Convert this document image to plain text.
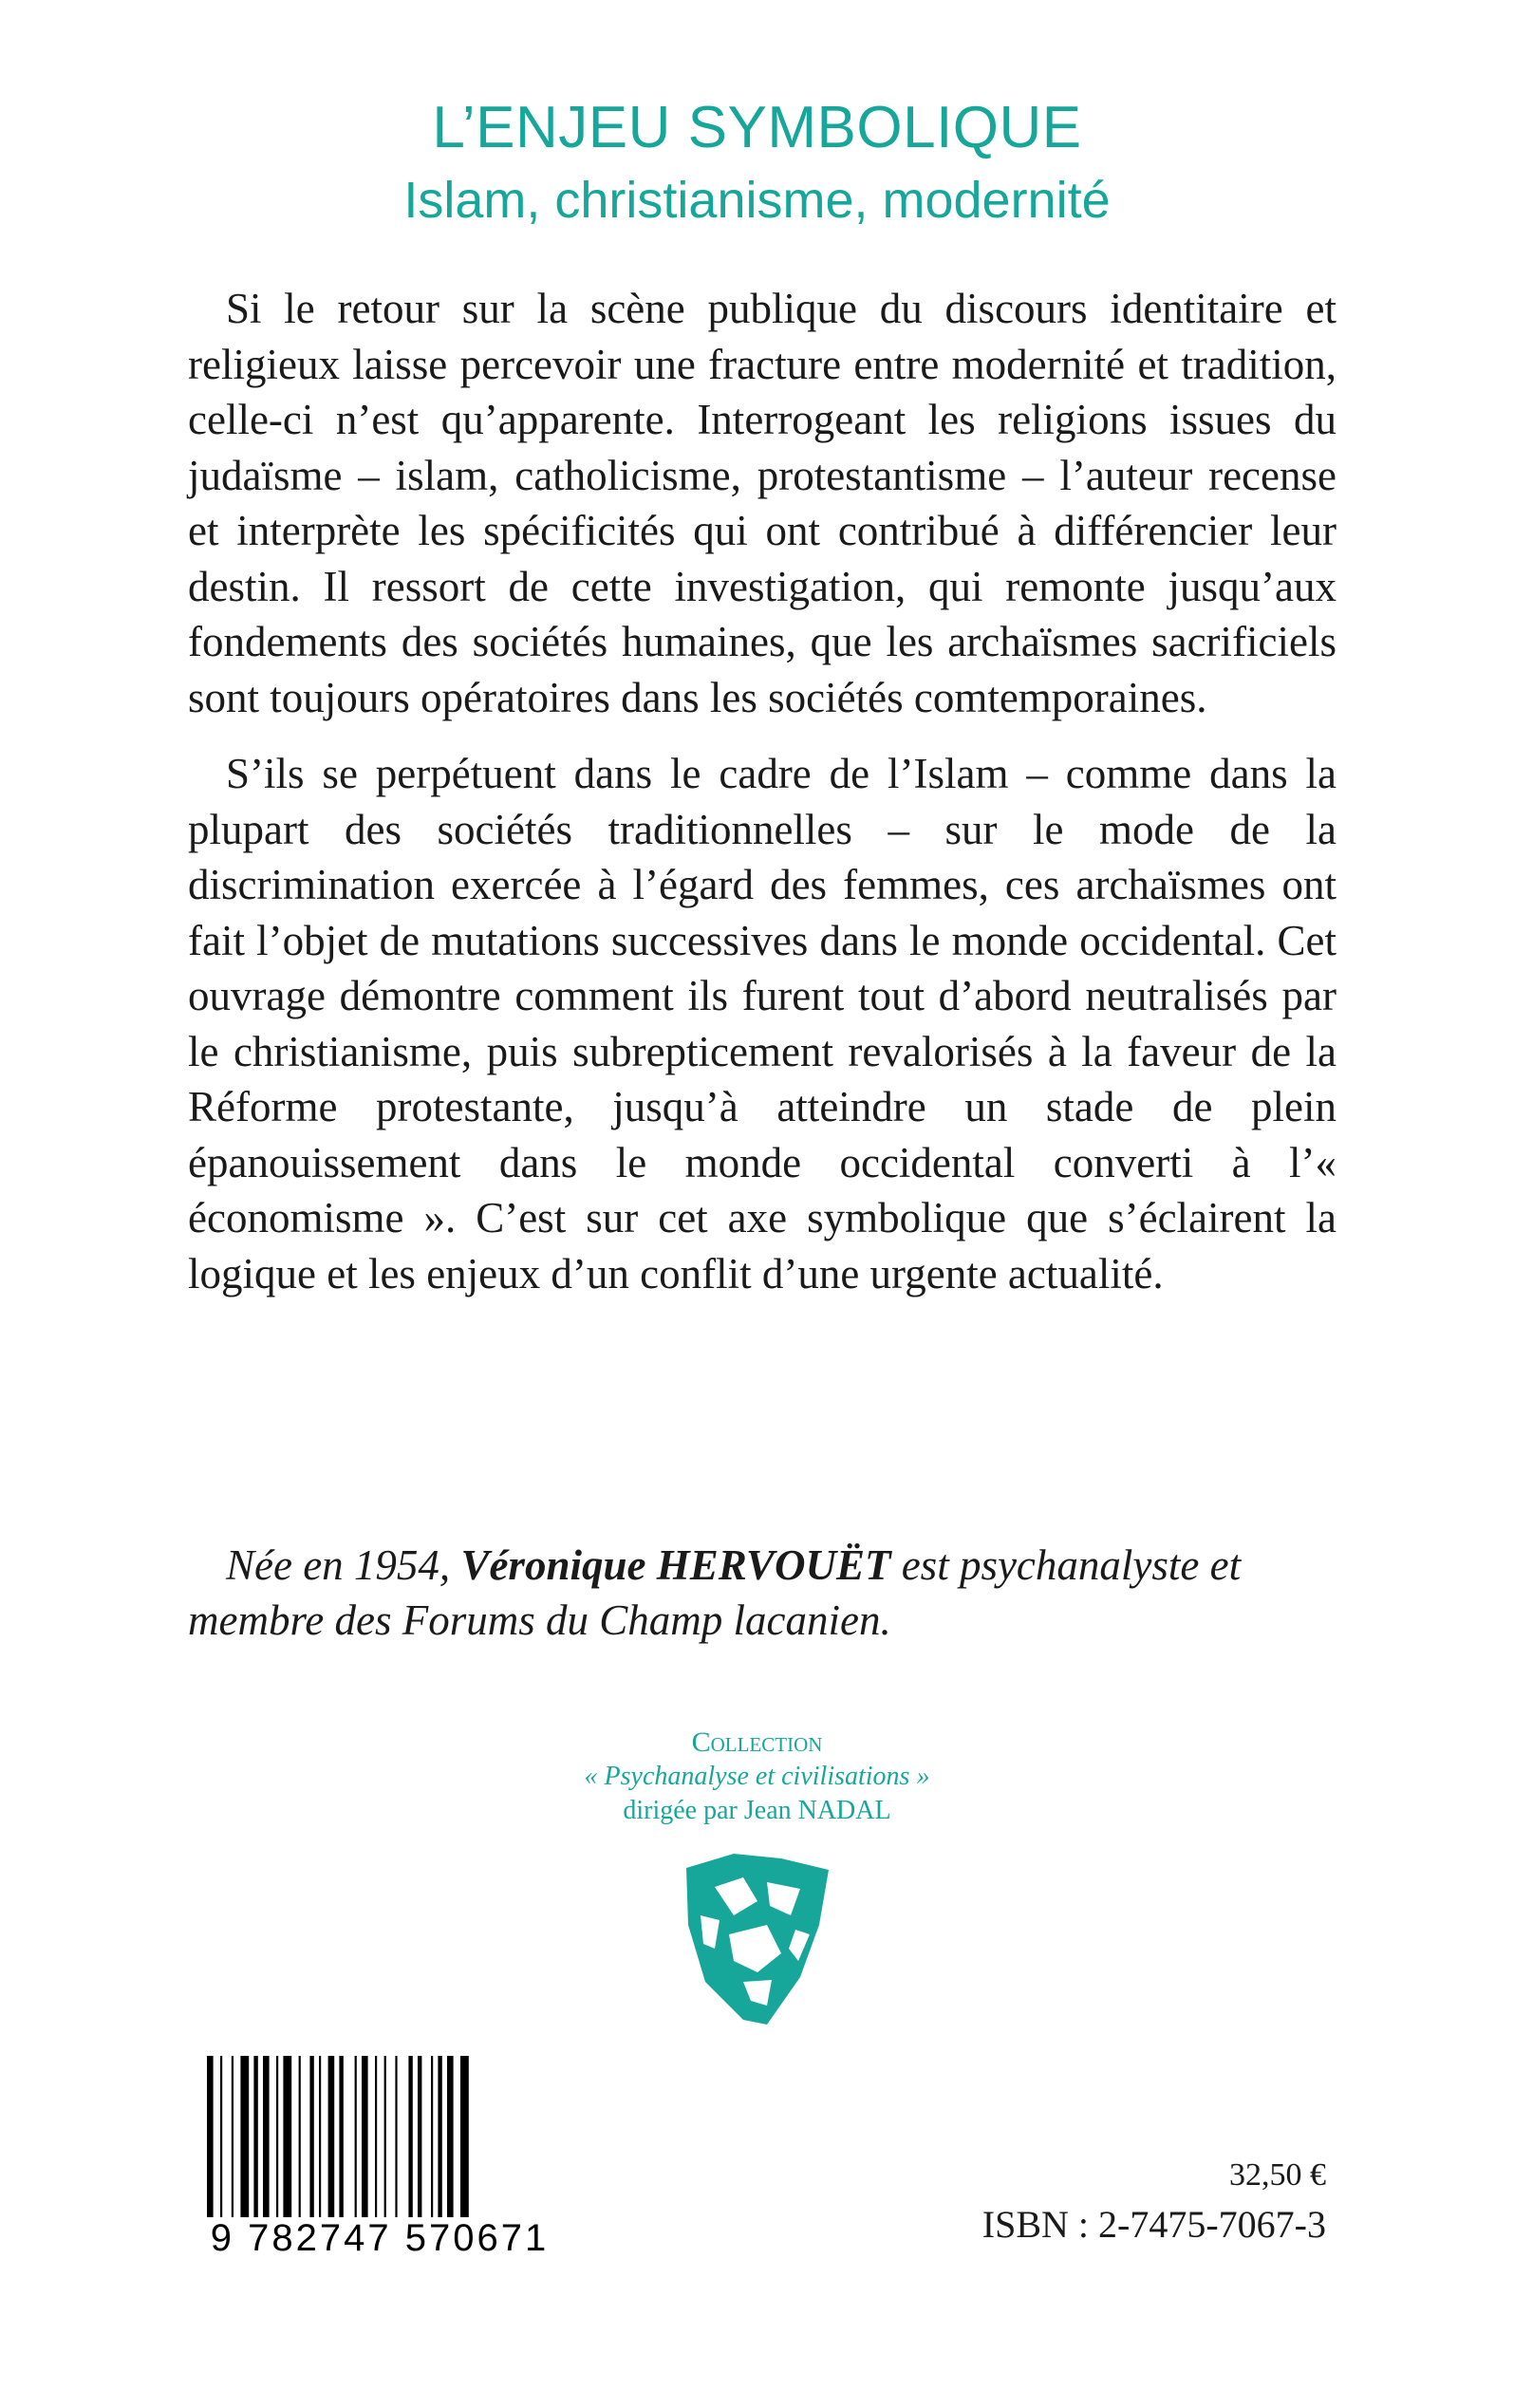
L’ENJEU SYMBOLIQUE
Islam, christianisme, modernité

Si le retour sur la scène publique du discours identitaire et religieux laisse percevoir une fracture entre modernité et tradition, celle-ci n’est qu’apparente. Interrogeant les religions issues du judaïsme – islam, catholicisme, protestantisme – l’auteur recense et interprète les spécificités qui ont contribué à différencier leur destin. Il ressort de cette investigation, qui remonte jusqu’aux fondements des sociétés humaines, que les archaïsmes sacrificiels sont toujours opératoires dans les sociétés comtemporaines.

S’ils se perpétuent dans le cadre de l’Islam – comme dans la plupart des sociétés traditionnelles – sur le mode de la discrimination exercée à l’égard des femmes, ces archaïsmes ont fait l’objet de mutations successives dans le monde occidental. Cet ouvrage démontre comment ils furent tout d’abord neutralisés par le christianisme, puis subrepticement revalorisés à la faveur de la Réforme protestante, jusqu’à atteindre un stade de plein épanouissement dans le monde occidental converti à l’« économisme ». C’est sur cet axe symbolique que s’éclairent la logique et les enjeux d’un conflit d’une urgente actualité.

Née en 1954, Véronique HERVOUËT est psychanalyste et membre des Forums du Champ lacanien.
Collection
« Psychanalyse et civilisations »
dirigée par Jean NADAL
9 782747 570671
32,50 €
ISBN : 2-7475-7067-3
